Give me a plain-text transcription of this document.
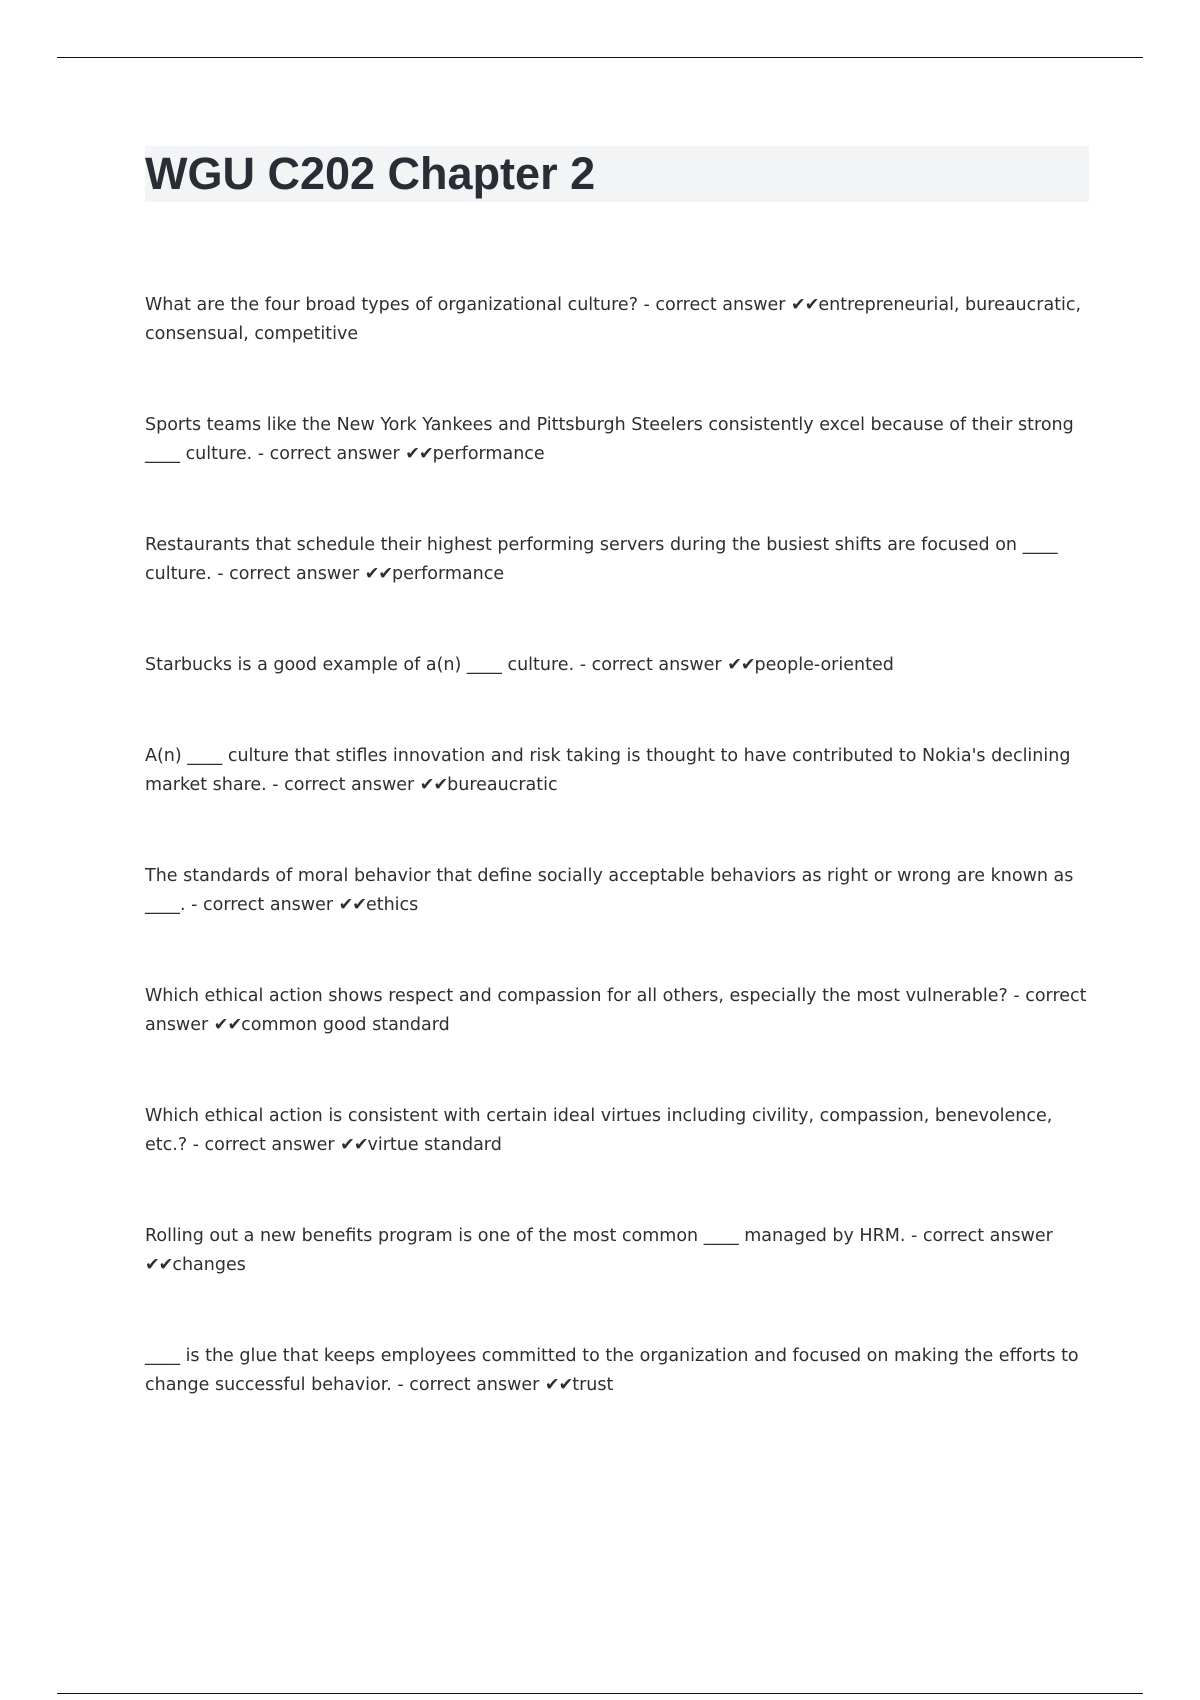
WGU C202 Chapter 2

What are the four broad types of organizational culture? - correct answer ✔✔entrepreneurial, bureaucratic, consensual, competitive

Sports teams like the New York Yankees and Pittsburgh Steelers consistently excel because of their strong ____ culture. - correct answer ✔✔performance

Restaurants that schedule their highest performing servers during the busiest shifts are focused on ____ culture. - correct answer ✔✔performance

Starbucks is a good example of a(n) ____ culture. - correct answer ✔✔people-oriented

A(n) ____ culture that stifles innovation and risk taking is thought to have contributed to Nokia's declining market share. - correct answer ✔✔bureaucratic

The standards of moral behavior that define socially acceptable behaviors as right or wrong are known as ____. - correct answer ✔✔ethics

Which ethical action shows respect and compassion for all others, especially the most vulnerable? - correct answer ✔✔common good standard

Which ethical action is consistent with certain ideal virtues including civility, compassion, benevolence, etc.? - correct answer ✔✔virtue standard

Rolling out a new benefits program is one of the most common ____ managed by HRM. - correct answer ✔✔changes

____ is the glue that keeps employees committed to the organization and focused on making the efforts to change successful behavior. - correct answer ✔✔trust
